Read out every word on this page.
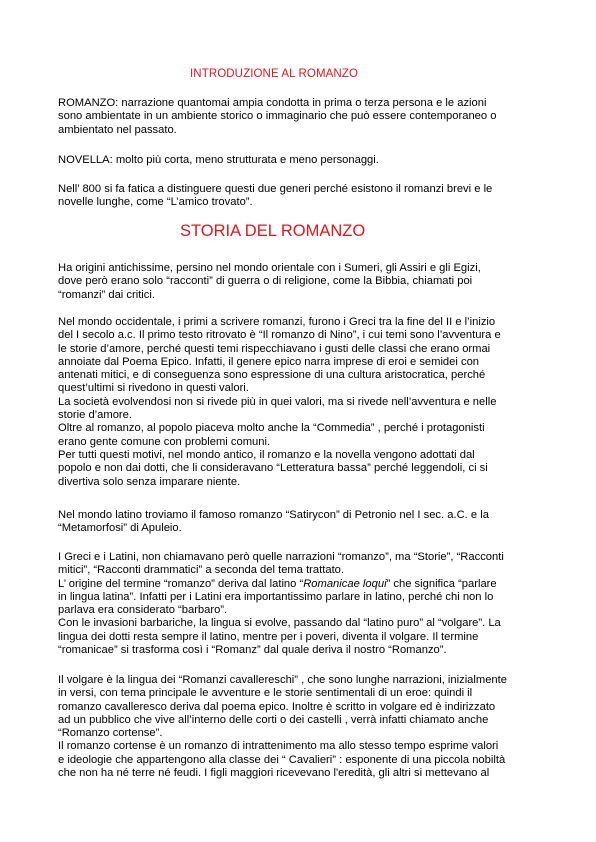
INTRODUZIONE AL ROMANZO
ROMANZO: narrazione quantomai ampia condotta in prima o terza persona e le azioni
sono ambientate in un ambiente storico o immaginario che può essere contemporaneo o
ambientato nel passato.
NOVELLA: molto più corta, meno strutturata e meno personaggi.
Nell’ 800 si fa fatica a distinguere questi due generi perché esistono il romanzi brevi e le
novelle lunghe, come “L’amico trovato”.
STORIA DEL ROMANZO
Ha origini antichissime, persino nel mondo orientale con i Sumeri, gli Assiri e gli Egizi,
dove però erano solo “racconti” di guerra o di religione, come la Bibbia, chiamati poi
“romanzi” dai critici.
Nel mondo occidentale, i primi a scrivere romanzi, furono i Greci tra la fine del II e l’inizio
del I secolo a.c. Il primo testo ritrovato è “Il romanzo di Nino”, i cui temi sono l’avventura e
le storie d’amore, perché questi temi rispecchiavano i gusti delle classi che erano ormai
annoiate dal Poema Epico. Infatti, il genere epico narra imprese di eroi e semidei con
antenati mitici, e di conseguenza sono espressione di una cultura aristocratica, perché
quest’ultimi si rivedono in questi valori.
La società evolvendosi non si rivede più in quei valori, ma si rivede nell’avventura e nelle
storie d’amore.
Oltre al romanzo, al popolo piaceva molto anche la “Commedia” , perché i protagonisti
erano gente comune con problemi comuni.
Per tutti questi motivi, nel mondo antico, il romanzo e la novella vengono adottati dal
popolo e non dai dotti, che li consideravano “Letteratura bassa” perché leggendoli, ci si
divertiva solo senza imparare niente.
Nel mondo latino troviamo il famoso romanzo “Satirycon” di Petronio nel I sec. a.C. e la
“Metamorfosi” di Apuleio.
I Greci e i Latini, non chiamavano però quelle narrazioni “romanzo”, ma “Storie”, “Racconti
mitici”, “Racconti drammatici” a seconda del tema trattato.
L’ origine del termine “romanzo” deriva dal latino “Romanicae loqui” che significa “parlare
in lingua latina”. Infatti per i Latini era importantissimo parlare in latino, perché chi non lo
parlava era considerato “barbaro”.
Con le invasioni barbariche, la lingua si evolve, passando dal “latino puro” al “volgare”. La
lingua dei dotti resta sempre il latino, mentre per i poveri, diventa il volgare. Il termine
“romanicae” si trasforma così i “Romanz” dal quale deriva il nostro “Romanzo”.
Il volgare è la lingua dei “Romanzi cavallereschi” , che sono lunghe narrazioni, inizialmente
in versi, con tema principale le avventure e le storie sentimentali di un eroe: quindi il
romanzo cavalleresco deriva dal poema epico. Inoltre è scritto in volgare ed è indirizzato
ad un pubblico che vive all’interno delle corti o dei castelli , verrà infatti chiamato anche
“Romanzo cortense”.
Il romanzo cortense è un romanzo di intrattenimento ma allo stesso tempo esprime valori
e ideologie che appartengono alla classe dei “ Cavalieri” : esponente di una piccola nobiltà
che non ha né terre né feudi. I figli maggiori ricevevano l'eredità, gli altri si mettevano al
